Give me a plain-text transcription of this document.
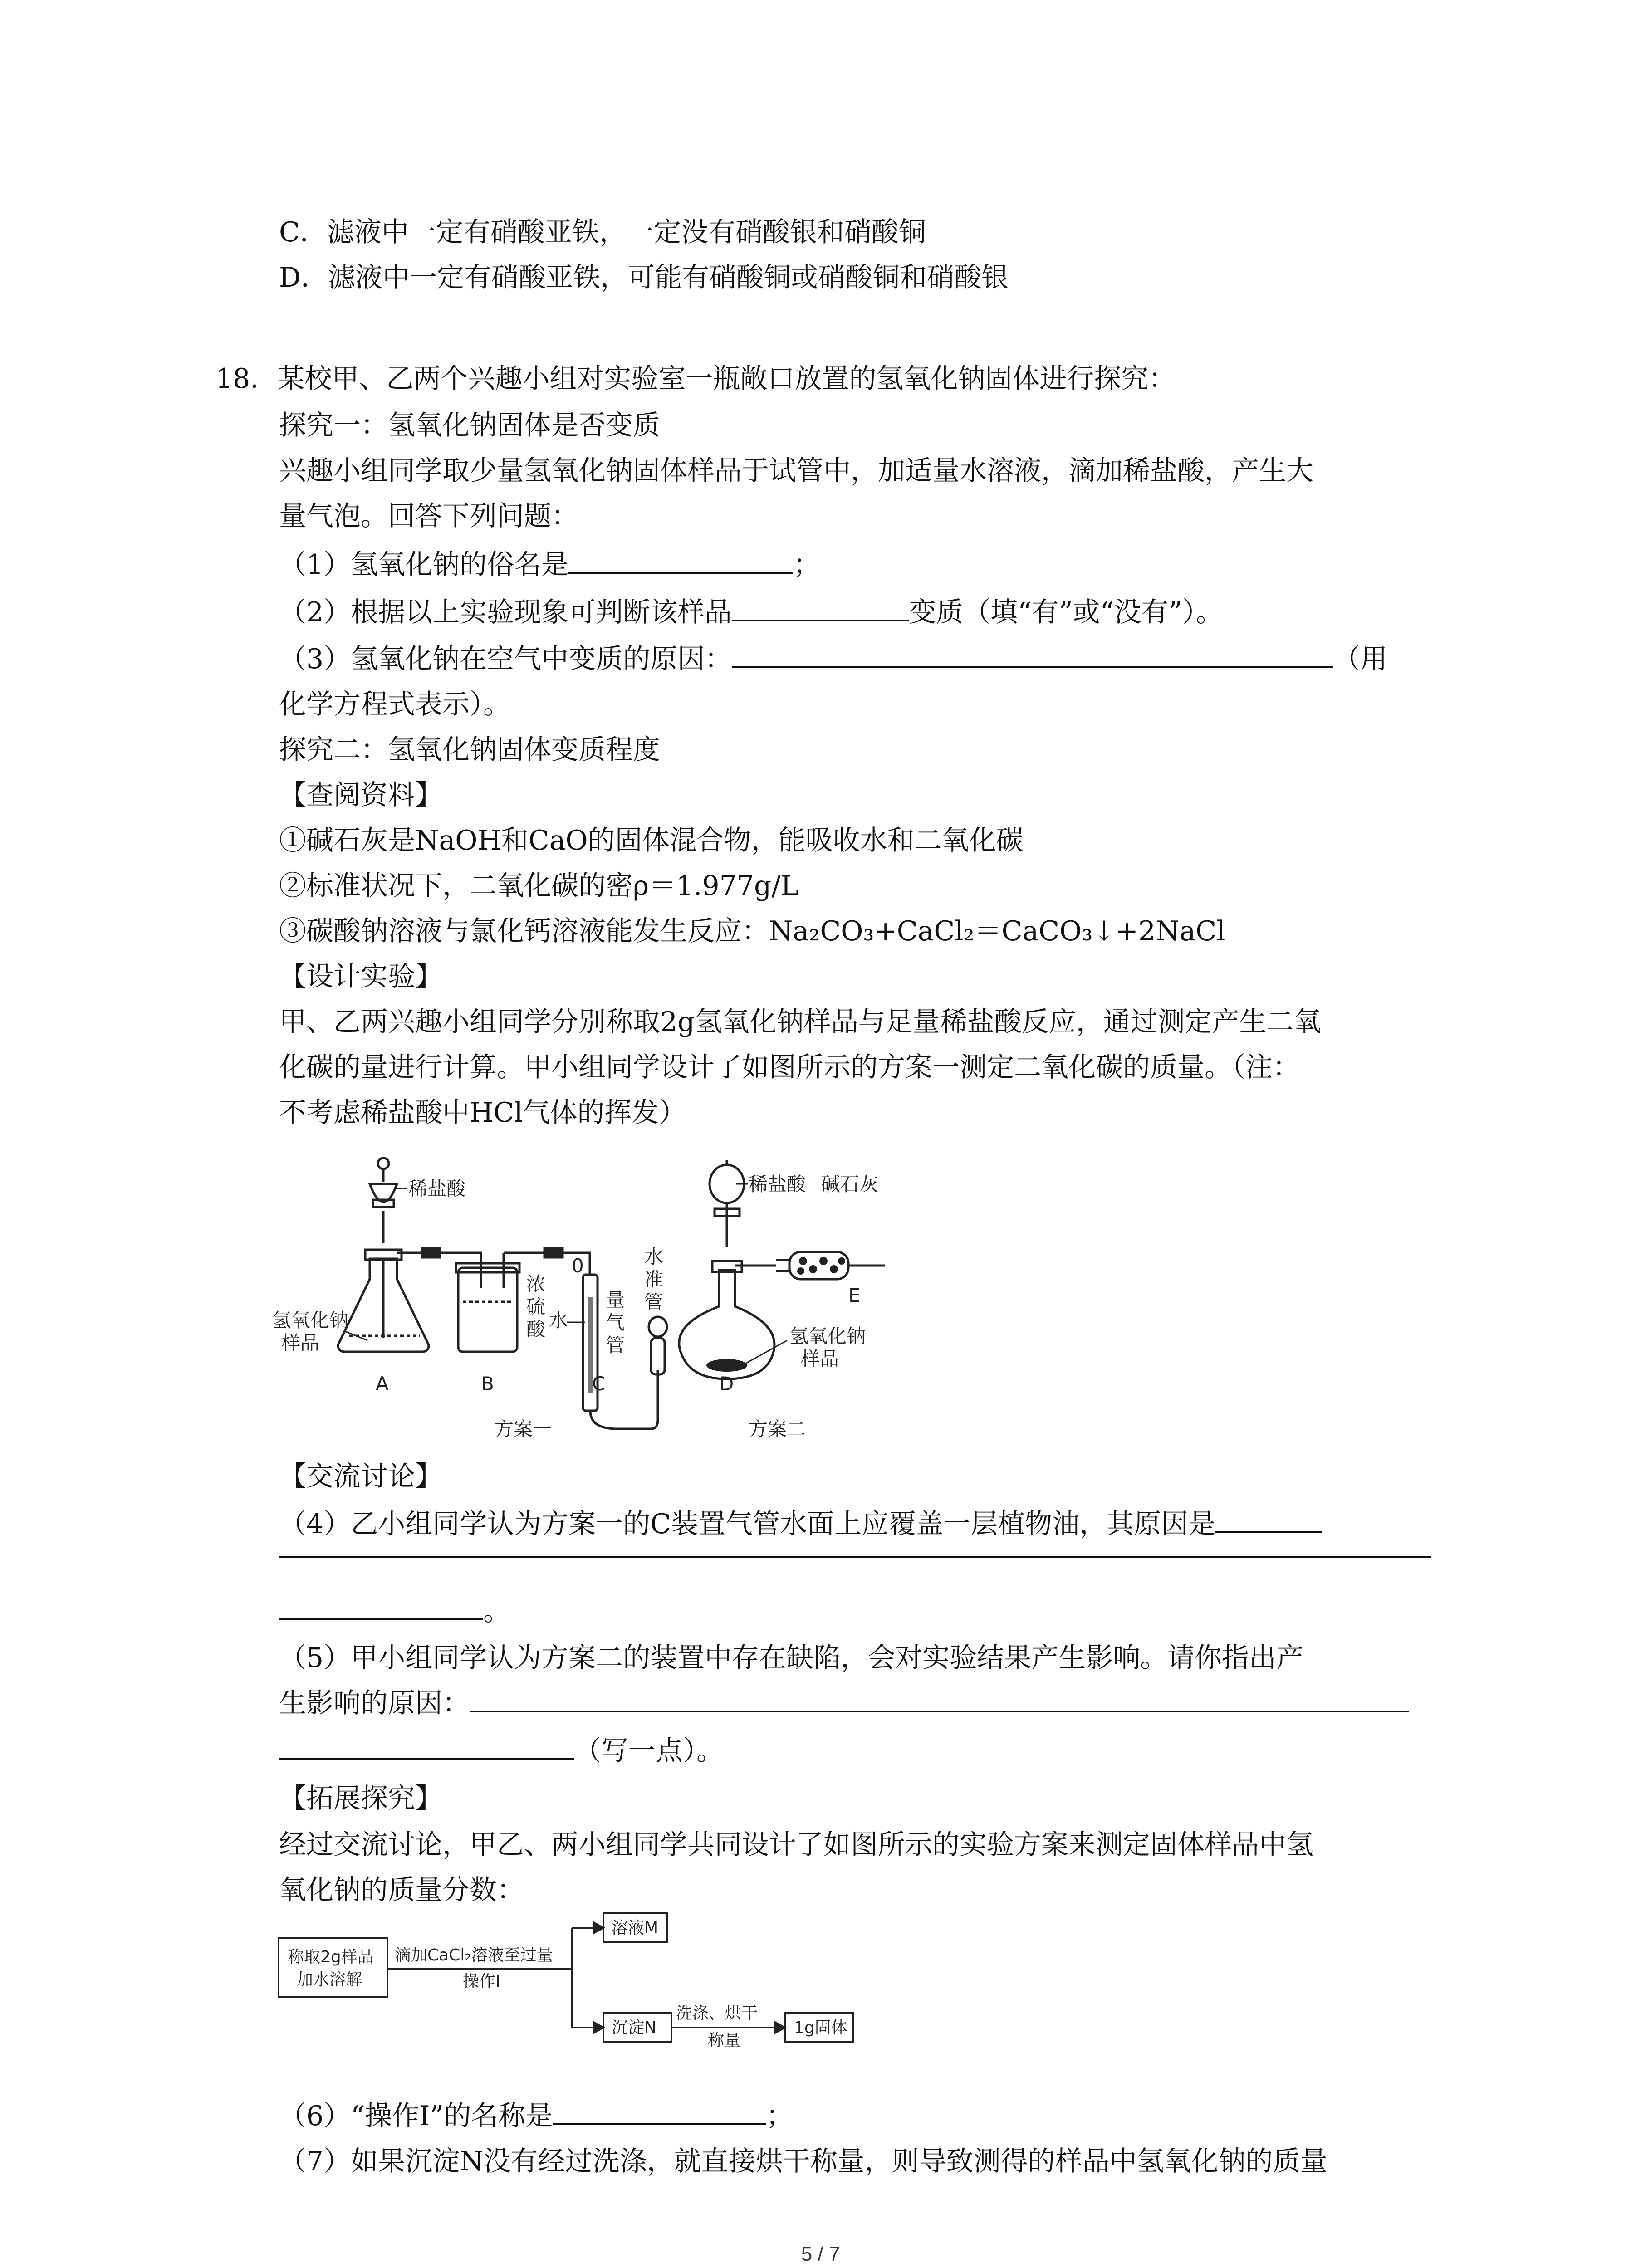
C．滤液中一定有硝酸亚铁，一定没有硝酸银和硝酸铜
D．滤液中一定有硝酸亚铁，可能有硝酸铜或硝酸铜和硝酸银
18．某校甲、乙两个兴趣小组对实验室一瓶敞口放置的氢氧化钠固体进行探究：
探究一：氢氧化钠固体是否变质
兴趣小组同学取少量氢氧化钠固体样品于试管中，加适量水溶液，滴加稀盐酸，产生大
量气泡。回答下列问题：
（1）氢氧化钠的俗名是	；
（2）根据以上实验现象可判断该样品	变质（填“有”或“没有”）。
（3）氢氧化钠在空气中变质的原因：	（用
化学方程式表示）。
探究二：氢氧化钠固体变质程度
【查阅资料】
①碱石灰是NaOH和CaO的固体混合物，能吸收水和二氧化碳
②标准状况下，二氧化碳的密ρ＝1.977g/L
③碳酸钠溶液与氯化钙溶液能发生反应：Na₂CO₃+CaCl₂＝CaCO₃↓+2NaCl
【设计实验】
甲、乙两兴趣小组同学分别称取2g氢氧化钠样品与足量稀盐酸反应，通过测定产生二氧
化碳的量进行计算。甲小组同学设计了如图所示的方案一测定二氧化碳的质量。（注：
不考虑稀盐酸中HCl气体的挥发）
稀盐酸
氢氧化钠
样品
浓
硫
酸
0
水
量
气
管
水
准
管
稀盐酸 碱石灰
氢氧化钠
样品
A	B	C	D
E
方案一	方案二
【交流讨论】
（4）乙小组同学认为方案一的C装置气管水面上应覆盖一层植物油，其原因是
。
（5）甲小组同学认为方案二的装置中存在缺陷，会对实验结果产生影响。请你指出产
生影响的原因：
（写一点）。
【拓展探究】
经过交流讨论，甲乙、两小组同学共同设计了如图所示的实验方案来测定固体样品中氢
氧化钠的质量分数：
称取2g样品
加水溶解
滴加CaCl₂溶液至过量
操作Ⅰ
溶液M
沉淀N
洗涤、烘干
称量
1g固体
（6）“操作Ⅰ”的名称是	；
（7）如果沉淀N没有经过洗涤，就直接烘干称量，则导致测得的样品中氢氧化钠的质量
5 / 7
